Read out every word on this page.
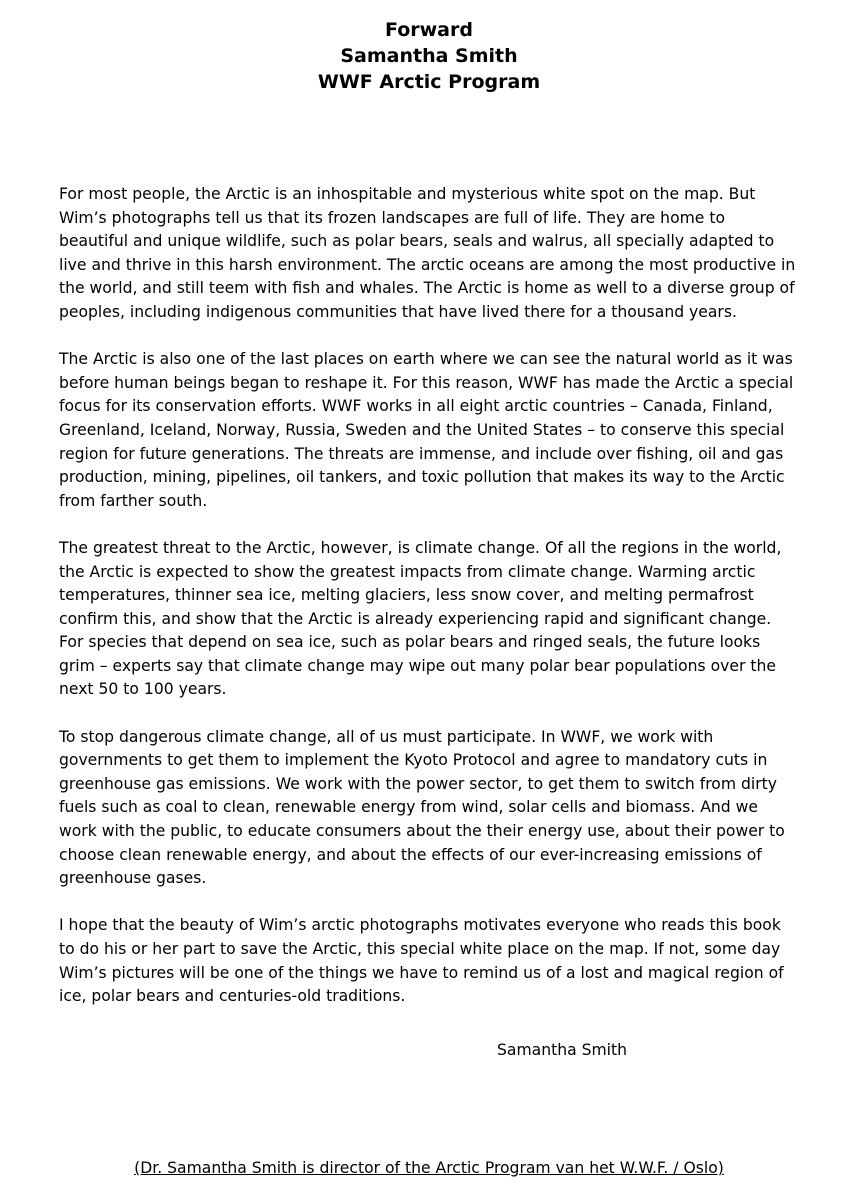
Forward
Samantha Smith
WWF Arctic Program

For most people, the Arctic is an inhospitable and mysterious white spot on the map. But Wim’s photographs tell us that its frozen landscapes are full of life. They are home to beautiful and unique wildlife, such as polar bears, seals and walrus, all specially adapted to live and thrive in this harsh environment. The arctic oceans are among the most productive in the world, and still teem with fish and whales. The Arctic is home as well to a diverse group of peoples, including indigenous communities that have lived there for a thousand years.

The Arctic is also one of the last places on earth where we can see the natural world as it was before human beings began to reshape it. For this reason, WWF has made the Arctic a special focus for its conservation efforts. WWF works in all eight arctic countries – Canada, Finland, Greenland, Iceland, Norway, Russia, Sweden and the United States – to conserve this special region for future generations. The threats are immense, and include over fishing, oil and gas production, mining, pipelines, oil tankers, and toxic pollution that makes its way to the Arctic from farther south.

The greatest threat to the Arctic, however, is climate change. Of all the regions in the world, the Arctic is expected to show the greatest impacts from climate change. Warming arctic temperatures, thinner sea ice, melting glaciers, less snow cover, and melting permafrost confirm this, and show that the Arctic is already experiencing rapid and significant change. For species that depend on sea ice, such as polar bears and ringed seals, the future looks grim – experts say that climate change may wipe out many polar bear populations over the next 50 to 100 years.

To stop dangerous climate change, all of us must participate. In WWF, we work with governments to get them to implement the Kyoto Protocol and agree to mandatory cuts in greenhouse gas emissions. We work with the power sector, to get them to switch from dirty fuels such as coal to clean, renewable energy from wind, solar cells and biomass. And we work with the public, to educate consumers about the their energy use, about their power to choose clean renewable energy, and about the effects of our ever-increasing emissions of greenhouse gases.

I hope that the beauty of Wim’s arctic photographs motivates everyone who reads this book to do his or her part to save the Arctic, this special white place on the map. If not, some day Wim’s pictures will be one of the things we have to remind us of a lost and magical region of ice, polar bears and centuries-old traditions.

Samantha Smith
(Dr. Samantha Smith is director of the Arctic Program van het W.W.F. / Oslo)
